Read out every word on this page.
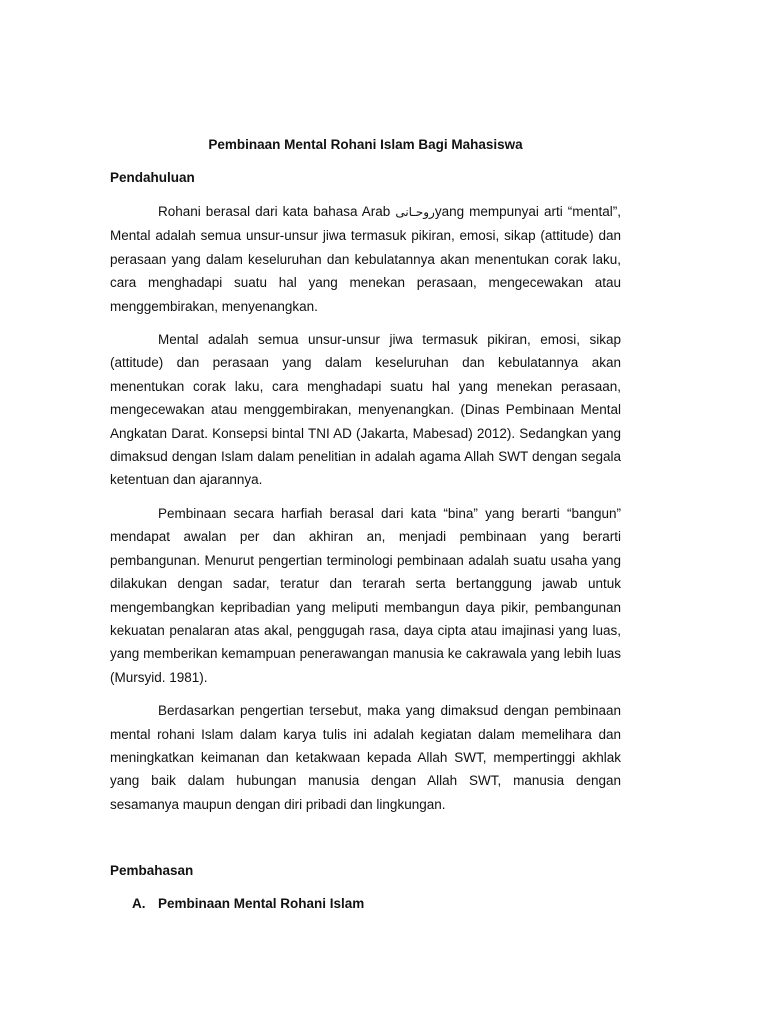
Pembinaan Mental Rohani Islam Bagi Mahasiswa
Pendahuluan

Rohani berasal dari kata bahasa Arab روحـانىyang mempunyai arti “mental”, Mental adalah semua unsur-unsur jiwa termasuk pikiran, emosi, sikap (attitude) dan perasaan yang dalam keseluruhan dan kebulatannya akan menentukan corak laku, cara menghadapi suatu hal yang menekan perasaan, mengecewakan atau menggembirakan, menyenangkan.

Mental adalah semua unsur-unsur jiwa termasuk pikiran, emosi, sikap (attitude) dan perasaan yang dalam keseluruhan dan kebulatannya akan menentukan corak laku, cara menghadapi suatu hal yang menekan perasaan, mengecewakan atau menggembirakan, menyenangkan. (Dinas Pembinaan Mental Angkatan Darat. Konsepsi bintal TNI AD (Jakarta, Mabesad) 2012). Sedangkan yang dimaksud dengan Islam dalam penelitian in adalah agama Allah SWT dengan segala ketentuan dan ajarannya.

Pembinaan secara harfiah berasal dari kata “bina” yang berarti “bangun” mendapat awalan per dan akhiran an, menjadi pembinaan yang berarti pembangunan. Menurut pengertian terminologi pembinaan adalah suatu usaha yang dilakukan dengan sadar, teratur dan terarah serta bertanggung jawab untuk mengembangkan kepribadian yang meliputi membangun daya pikir, pembangunan kekuatan penalaran atas akal, penggugah rasa, daya cipta atau imajinasi yang luas, yang memberikan kemampuan penerawangan manusia ke cakrawala yang lebih luas (Mursyid. 1981).

Berdasarkan pengertian tersebut, maka yang dimaksud dengan pembinaan mental rohani Islam dalam karya tulis ini adalah kegiatan dalam memelihara dan meningkatkan keimanan dan ketakwaan kepada Allah SWT, mempertinggi akhlak yang baik dalam hubungan manusia dengan Allah SWT, manusia dengan sesamanya maupun dengan diri pribadi dan lingkungan.

Pembahasan
A. Pembinaan Mental Rohani Islam
